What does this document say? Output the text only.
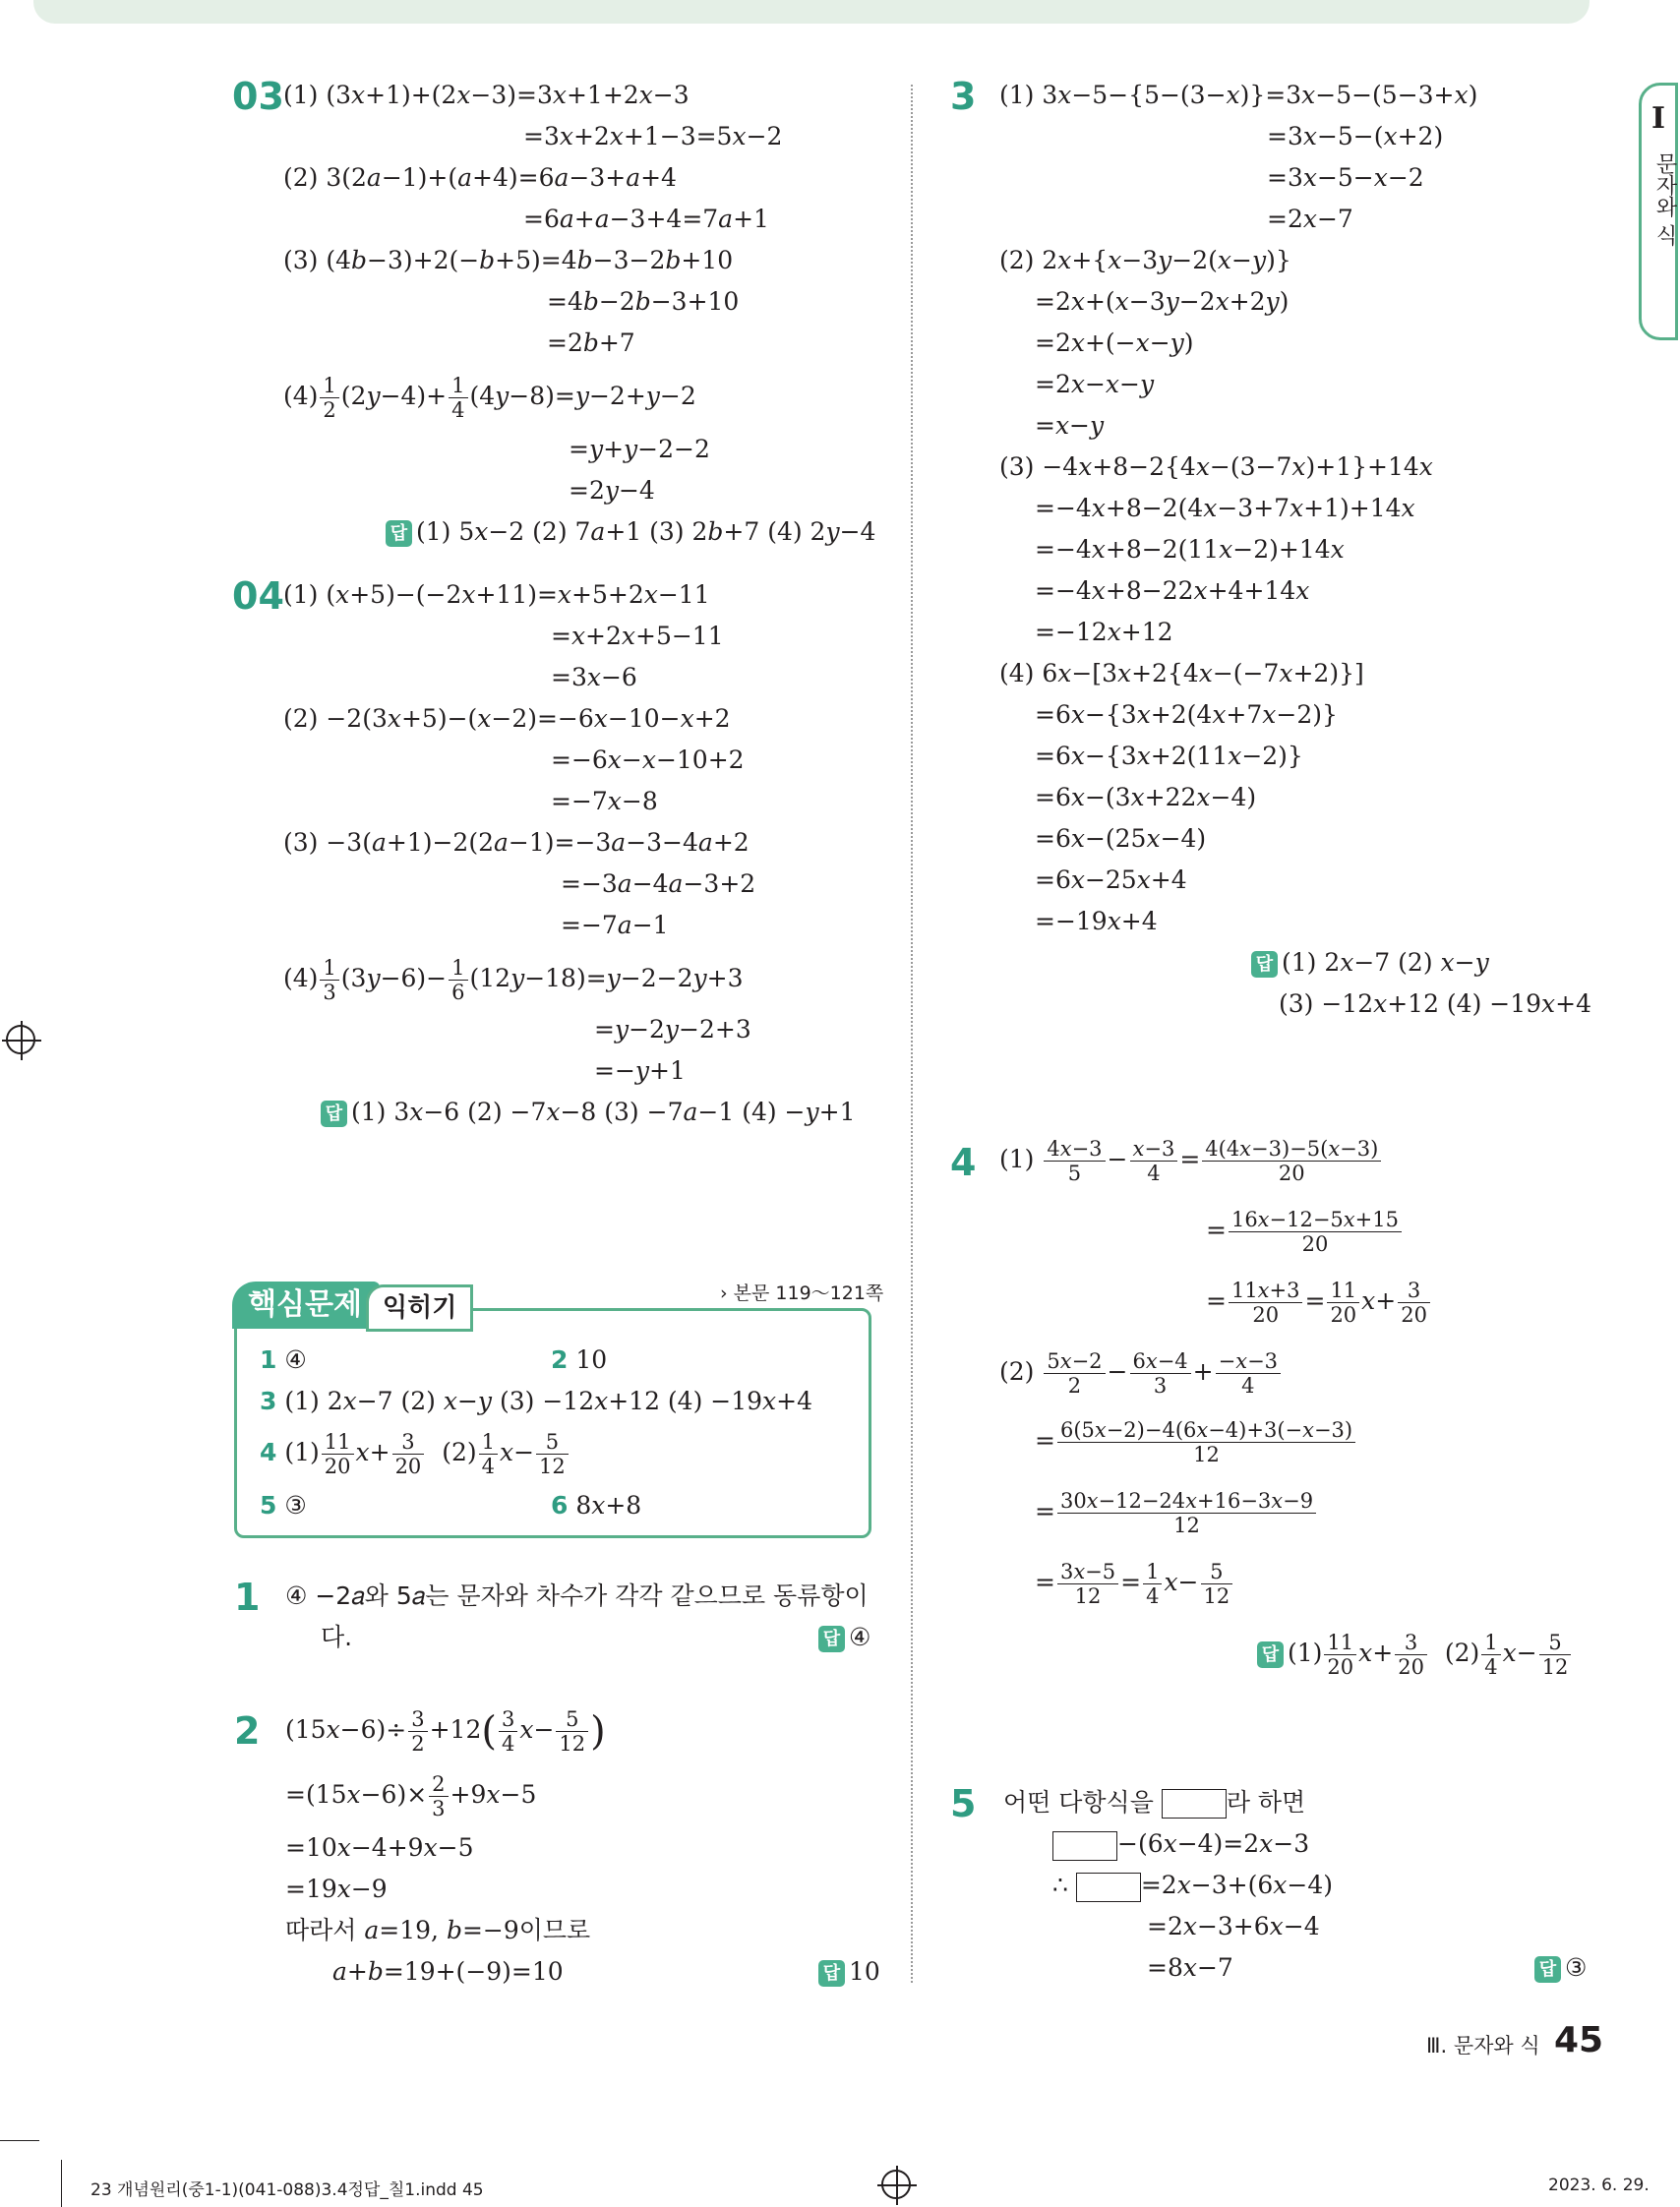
I
문자와 식
03 (1) (3𝑥+1)+(2𝑥−3)=3𝑥+1+2𝑥−3
=3𝑥+2𝑥+1−3=5𝑥−2
(2) 3(2𝑎−1)+(𝑎+4)=6𝑎−3+𝑎+4
=6𝑎+𝑎−3+4=7𝑎+1
(3) (4𝑏−3)+2(−𝑏+5)=4𝑏−3−2𝑏+10
=4𝑏−2𝑏−3+10
=2𝑏+7
$(4) \frac{1}{2}$ (2𝑦−4)+ $\frac{1}{4}$ (4𝑦−8)=𝑦−2+𝑦−2
=𝑦+𝑦−2−2
=2𝑦−4
답 (1) 5𝑥−2 (2) 7𝑎+1 (3) 2𝑏+7 (4) 2𝑦−4
04 (1) (𝑥+5)−(−2𝑥+11)=𝑥+5+2𝑥−11
=𝑥+2𝑥+5−11
=3𝑥−6
(2) −2(3𝑥+5)−(𝑥−2)=−6𝑥−10−𝑥+2
=−6𝑥−𝑥−10+2
=−7𝑥−8
(3) −3(𝑎+1)−2(2𝑎−1)=−3𝑎−3−4𝑎+2
=−3𝑎−4𝑎−3+2
=−7𝑎−1
$(4) \frac{1}{3}$ (3𝑦−6)− $\frac{1}{6}$ (12𝑦−18)=𝑦−2−2𝑦+3
=𝑦−2𝑦−2+3
=−𝑦+1
답 (1) 3𝑥−6 (2) −7𝑥−8 (3) −7𝑎−1 (4) −𝑦+1
핵심문제 익히기	› 본문 119～121쪽
1 ④	2 10
3 (1) 2𝑥−7 (2) 𝑥−𝑦 (3) −12𝑥+12 (4) −19𝑥+4
4 $(1) \frac{11}{20}$ 𝑥+ $\frac{3}{20} (2) \frac{1}{4}$ 𝑥− $\frac{5}{12}$
5 ③	6 8𝑥+8
1 ④ −2𝑎와 5𝑎는 문자와 차수가 각각 같으므로 동류항이
다.	답 ④
2 (15𝑥−6)÷ $\frac{3}{2} +12( \frac{3}{4}$ 𝑥− $\frac{5}{12}$ )
=(15𝑥−6)× $\frac{2}{3}$ +9𝑥−5
=10𝑥−4+9𝑥−5
=19𝑥−9
따라서 𝑎=19, 𝑏=−9이므로
𝑎+𝑏=19+(−9)=10	답 10
3 (1) 3𝑥−5−{5−(3−𝑥)}=3𝑥−5−(5−3+𝑥)
=3𝑥−5−(𝑥+2)
=3𝑥−5−𝑥−2
=2𝑥−7
(2) 2𝑥+{𝑥−3𝑦−2(𝑥−𝑦)}
=2𝑥+(𝑥−3𝑦−2𝑥+2𝑦)
=2𝑥+(−𝑥−𝑦)
=2𝑥−𝑥−𝑦
=𝑥−𝑦
(3) −4𝑥+8−2{4𝑥−(3−7𝑥)+1}+14𝑥
=−4𝑥+8−2(4𝑥−3+7𝑥+1)+14𝑥
=−4𝑥+8−2(11𝑥−2)+14𝑥
=−4𝑥+8−22𝑥+4+14𝑥
=−12𝑥+12
(4) 6𝑥−[3𝑥+2{4𝑥−(−7𝑥+2)}]
=6𝑥−{3𝑥+2(4𝑥+7𝑥−2)}
=6𝑥−{3𝑥+2(11𝑥−2)}
=6𝑥−(3𝑥+22𝑥−4)
=6𝑥−(25𝑥−4)
=6𝑥−25𝑥+4
=−19𝑥+4
답 (1) 2𝑥−7 (2) 𝑥−𝑦
(3) −12𝑥+12 (4) −19𝑥+4
4 $(1) \frac{\text{4𝑥−3}}{5} - \frac{\text{𝑥−3}}{4} = \frac{\text{4(4𝑥−3)−5(𝑥−3)}}{20}$
= $\frac{\text{16𝑥−12−5𝑥+15}}{20}$
= $\frac{\text{11𝑥+3}}{20} = \frac{11}{20}$ 𝑥+ $\frac{3}{20}$
$(2) \frac{\text{5𝑥−2}}{2} - \frac{\text{6𝑥−4}}{3} + \frac{\text{−𝑥−3}}{4}$
= $\frac{\text{6(5𝑥−2)−4(6𝑥−4)+3(−𝑥−3)}}{12}$
= $\frac{\text{30𝑥−12−24𝑥+16−3𝑥−9}}{12}$
= $\frac{\text{3𝑥−5}}{12} = \frac{1}{4}$ 𝑥− $\frac{5}{12}$
답 $(1) \frac{11}{20}$ 𝑥+ $\frac{3}{20} (2) \frac{1}{4}$ 𝑥− $\frac{5}{12}$
5 어떤 다항식을	라 하면
−(6𝑥−4)=2𝑥−3
∴	=2𝑥−3+(6𝑥−4)
=2𝑥−3+6𝑥−4
=8𝑥−7	답 ③
Ⅲ. 문자와 식 45
23 개념원리(중1-1)(041-088)3.4정답_칠1.indd 45	2023. 6. 29.
